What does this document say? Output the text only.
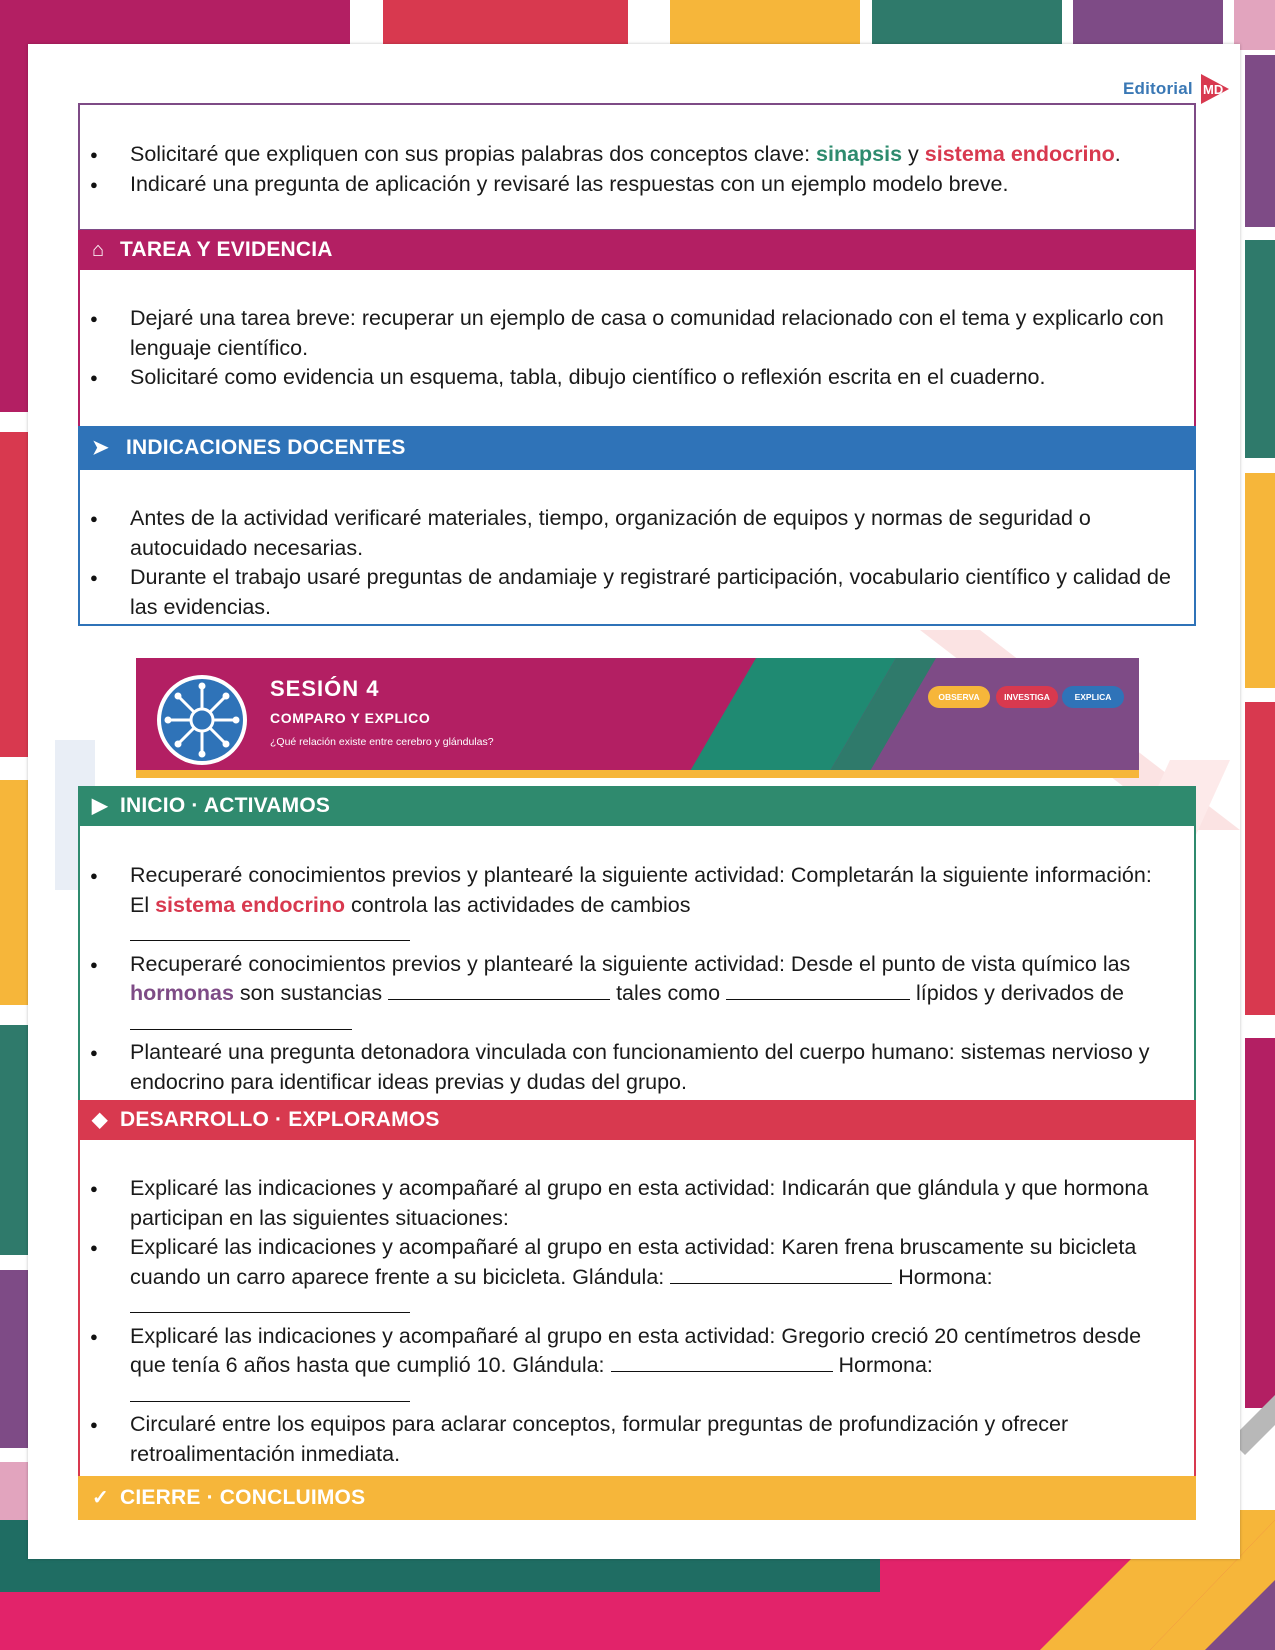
Editorial MD
● Solicitaré que expliquen con sus propias palabras dos conceptos clave: sinapsis y sistema endocrino.
● Indicaré una pregunta de aplicación y revisaré las respuestas con un ejemplo modelo breve.
● Dejaré una tarea breve: recuperar un ejemplo de casa o comunidad relacionado con el tema y explicarlo con lenguaje científico.
● Solicitaré como evidencia un esquema, tabla, dibujo científico o reflexión escrita en el cuaderno.
⌂ TAREA Y EVIDENCIA
● Antes de la actividad verificaré materiales, tiempo, organización de equipos y normas de seguridad o autocuidado necesarias.
● Durante el trabajo usaré preguntas de andamiaje y registraré participación, vocabulario científico y calidad de las evidencias.
➤ INDICACIONES DOCENTES
SESIÓN 4
COMPARO Y EXPLICO
¿Qué relación existe entre cerebro y glándulas?
OBSERVA	INVESTIGA	EXPLICA
● Recuperaré conocimientos previos y plantearé la siguiente actividad: Completarán la siguiente información: El sistema endocrino controla las actividades de cambios

● Recuperaré conocimientos previos y plantearé la siguiente actividad: Desde el punto de vista químico las hormonas son sustancias	tales como	lípidos y derivados de
● Plantearé una pregunta detonadora vinculada con funcionamiento del cuerpo humano: sistemas nervioso y endocrino para identificar ideas previas y dudas del grupo.
▶ INICIO · ACTIVAMOS
● Explicaré las indicaciones y acompañaré al grupo en esta actividad: Indicarán que glándula y que hormona participan en las siguientes situaciones:
● Explicaré las indicaciones y acompañaré al grupo en esta actividad: Karen frena bruscamente su bicicleta cuando un carro aparece frente a su bicicleta. Glándula:	Hormona:
● Explicaré las indicaciones y acompañaré al grupo en esta actividad: Gregorio creció 20 centímetros desde que tenía 6 años hasta que cumplió 10. Glándula:	Hormona:
● Circularé entre los equipos para aclarar conceptos, formular preguntas de profundización y ofrecer retroalimentación inmediata.
◆ DESARROLLO · EXPLORAMOS
✓ CIERRE · CONCLUIMOS
